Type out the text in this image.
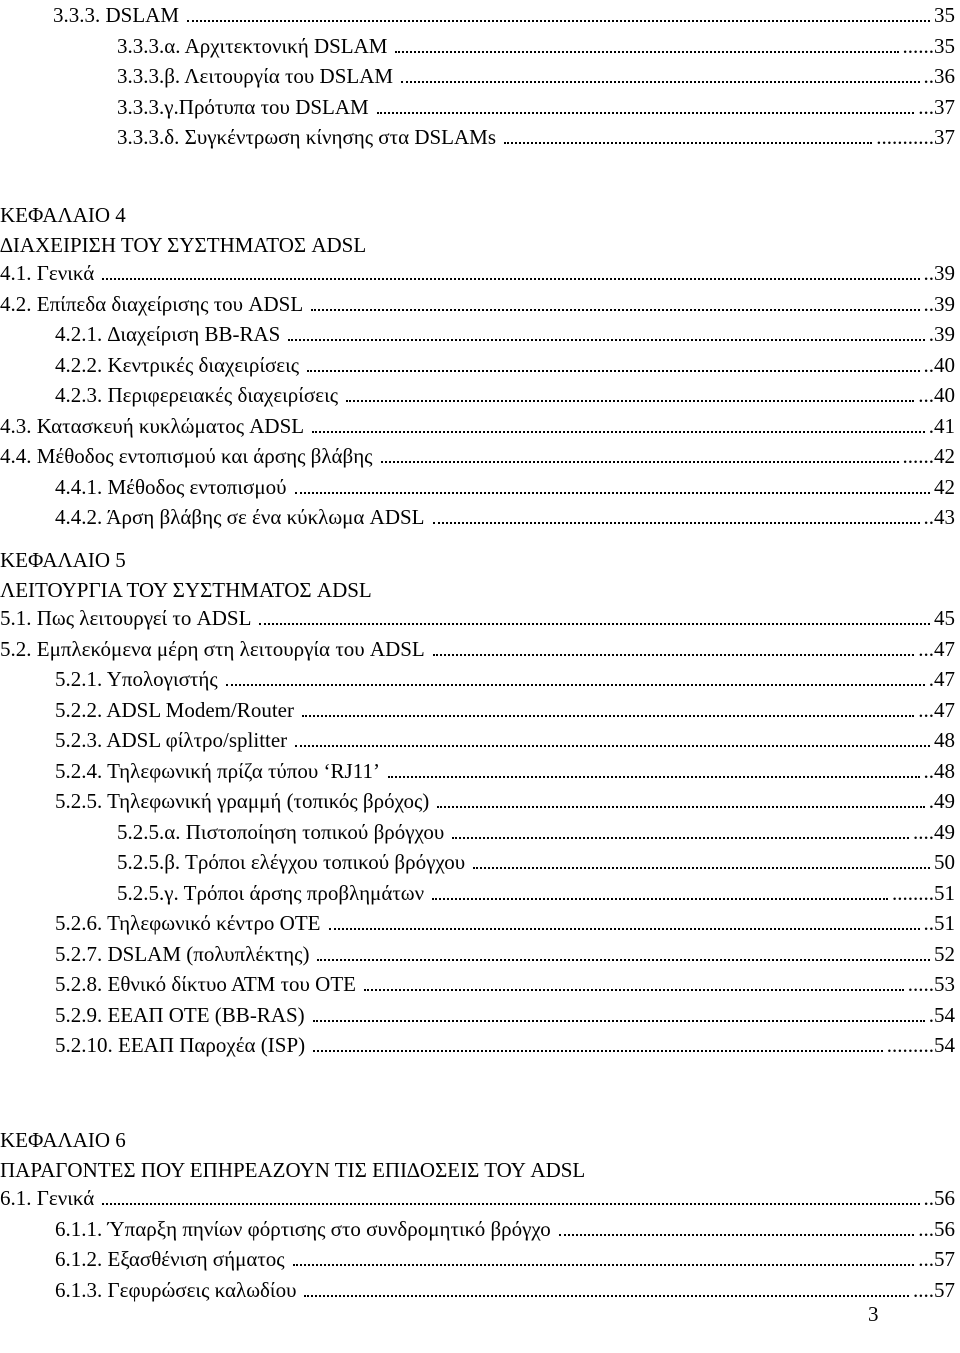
3.3.3. DSLAM	35
3.3.3.α. Αρχιτεκτονική DSLAM	......35
3.3.3.β. Λειτουργία του DSLAM	..36
3.3.3.γ.Πρότυπα του DSLAM	...37
3.3.3.δ. Συγκέντρωση κίνησης στα DSLAMs	...........37
ΚΕΦΑΛΑΙΟ 4
∆ΙΑΧΕΙΡΙΣΗ ΤΟΥ ΣΥΣΤΗΜΑΤΟΣ ADSL
4.1. Γενικά	..39
4.2. Επίπεδα διαχείρισης του ADSL	..39
4.2.1. ∆ιαχείριση BB-RAS	.39
4.2.2. Κεντρικές διαχειρίσεις	..40
4.2.3. Περιφερειακές διαχειρίσεις	...40
4.3. Κατασκευή κυκλώματος ADSL	.41
4.4. Μέθοδος εντοπισμού και άρσης βλάβης	......42
4.4.1. Μέθοδος εντοπισμού	42
4.4.2. Άρση βλάβης σε ένα κύκλωμα ADSL	..43
ΚΕΦΑΛΑΙΟ 5
ΛΕΙΤΟΥΡΓΙΑ ΤΟΥ ΣΥΣΤΗΜΑΤΟΣ ADSL
5.1. Πως λειτουργεί το ADSL	45
5.2. Εμπλεκόμενα μέρη στη λειτουργία του ADSL	...47
5.2.1. Υπολογιστής	.47
5.2.2. ADSL Modem/Router	...47
5.2.3. ADSL φίλτρο/splitter	48
5.2.4. Τηλεφωνική πρίζα τύπου ‘RJ11’	..48
5.2.5. Τηλεφωνική γραμμή (τοπικός βρόχος)	.49
5.2.5.α. Πιστοποίηση τοπικού βρόγχου	....49
5.2.5.β. Τρόποι ελέγχου τοπικού βρόγχου	50
5.2.5.γ. Τρόποι άρσης προβλημάτων	........51
5.2.6. Τηλεφωνικό κέντρο ΟΤΕ	..51
5.2.7. DSLAM (πολυπλέκτης)	52
5.2.8. Εθνικό δίκτυο ΑΤΜ του ΟΤΕ	.....53
5.2.9. ΕΕΑΠ ΟΤΕ (BB-RAS)	.54
5.2.10. ΕΕΑΠ Παροχέα (ISP)	.........54
ΚΕΦΑΛΑΙΟ 6
ΠΑΡΑΓΟΝΤΕΣ ΠΟΥ ΕΠΗΡΕΑΖΟΥΝ ΤΙΣ ΕΠΙ∆ΟΣΕΙΣ ΤΟΥ ADSL
6.1. Γενικά	..56
6.1.1. Ύπαρξη πηνίων φόρτισης στο συνδρομητικό βρόγχο	...56
6.1.2. Εξασθένιση σήματος	...57
6.1.3. Γεφυρώσεις καλωδίου	....57
3
